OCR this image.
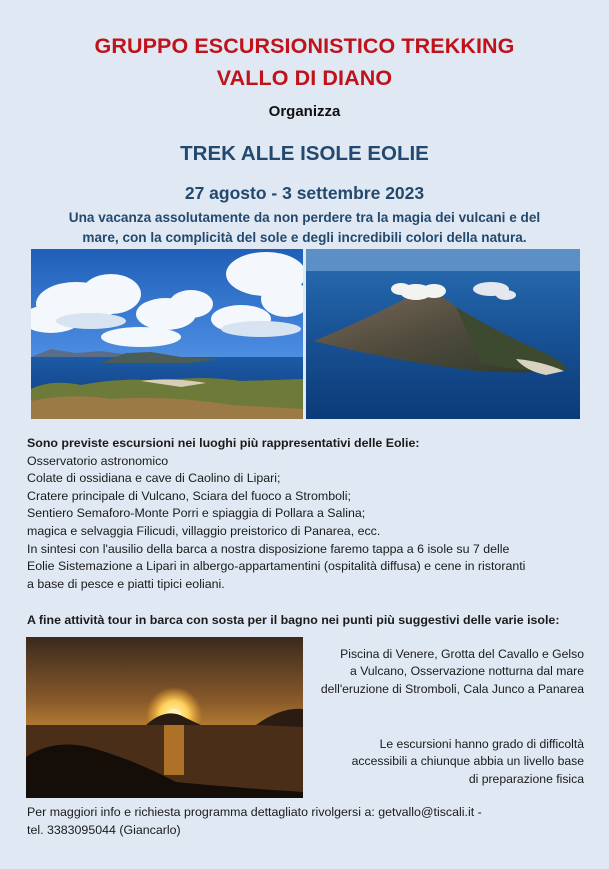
GRUPPO ESCURSIONISTICO TREKKING
VALLO DI DIANO
Organizza
TREK ALLE ISOLE EOLIE
27 agosto - 3 settembre 2023
Una vacanza assolutamente da non perdere tra la magia dei vulcani e del
mare, con la complicità del sole e degli incredibili colori della natura.
Sono previste escursioni nei luoghi più rappresentativi delle Eolie:
Osservatorio astronomico
Colate di ossidiana e cave di Caolino di Lipari;
Cratere principale di Vulcano, Sciara del fuoco a Stromboli;
Sentiero Semaforo-Monte Porri e spiaggia di Pollara a Salina;
magica e selvaggia Filicudi, villaggio preistorico di Panarea, ecc.
In sintesi con l'ausilio della barca a nostra disposizione faremo tappa a 6 isole su 7 delle
Eolie Sistemazione a Lipari in albergo-appartamentini (ospitalità diffusa) e cene in ristoranti
a base di pesce e piatti tipici eoliani.
A fine attività tour in barca con sosta per il bagno nei punti più suggestivi delle varie isole:
Piscina di Venere, Grotta del Cavallo e Gelso
a Vulcano, Osservazione notturna dal mare
dell'eruzione di Stromboli, Cala Junco a Panarea
Le escursioni hanno grado di difficoltà
accessibili a chiunque abbia un livello base
di preparazione fisica
Per maggiori info e richiesta programma dettagliato rivolgersi a: getvallo@tiscali.it -
tel. 3383095044 (Giancarlo)
